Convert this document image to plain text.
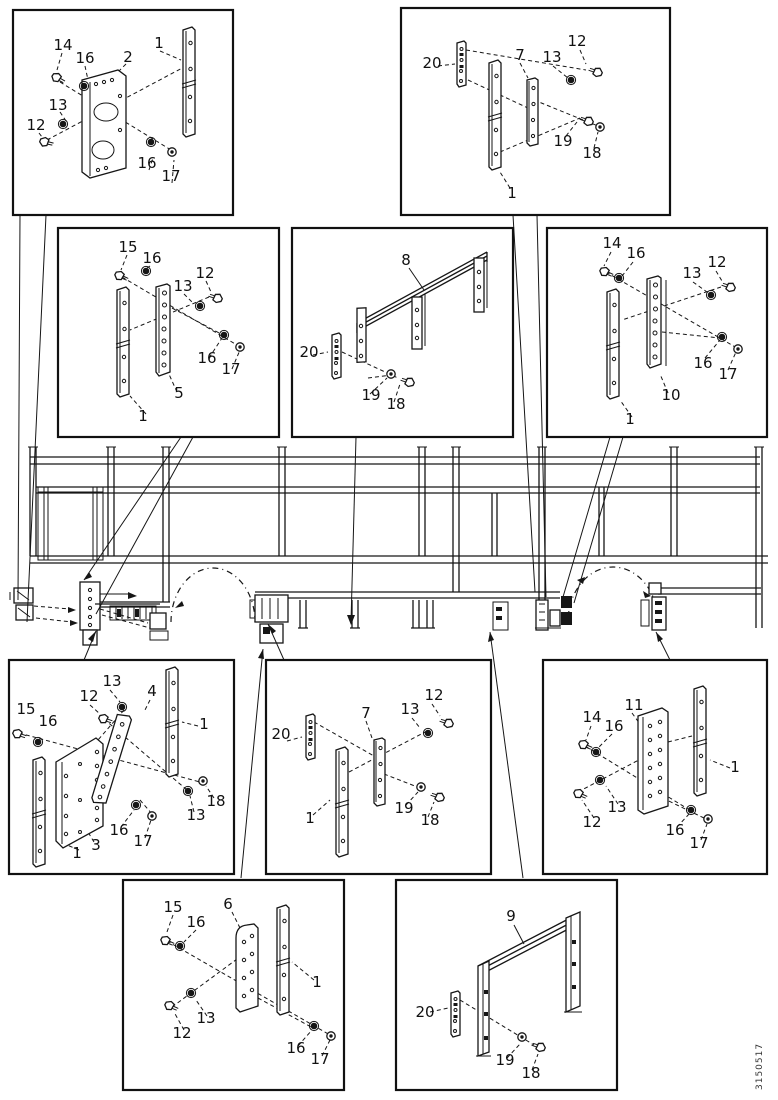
14
16 2
1
13
12
16
17
20	7 13
12
19
18
1
15
16
13
12
16
17
5
1
8
20
19 18
14
16
13
12
16
17
10
1
13
12	4
1
15
16
18
13
16
17
3
1
20
7 13
12
19
18
1
14 16
11
1
13
12	16
17
15
16
6
1
12
13
16
17
9
20
19
18	3150517
